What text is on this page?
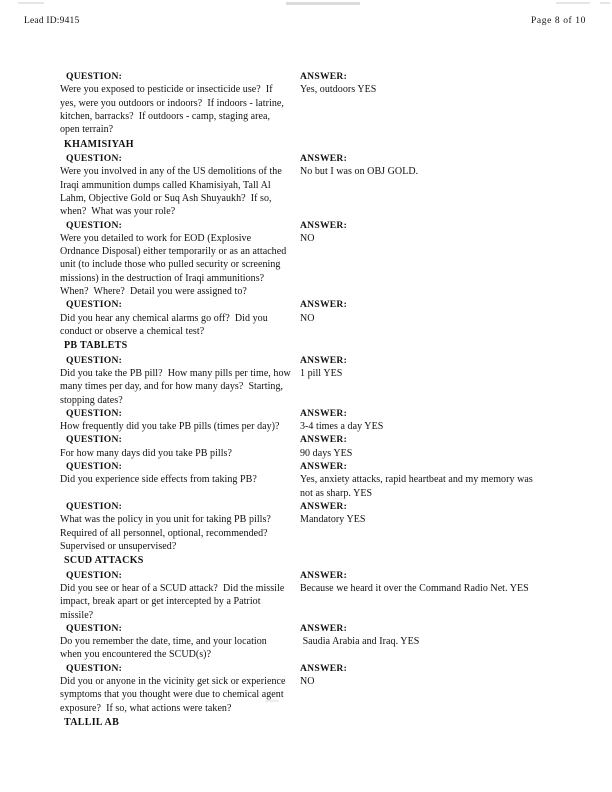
Lead ID:9415	Page 8 of 10
QUESTION:
Were you exposed to pesticide or insecticide use?  If
yes, were you outdoors or indoors?  If indoors - latrine,
kitchen, barracks?  If outdoors - camp, staging area,
open terrain?
ANSWER:
Yes, outdoors YES
KHAMISIYAH
QUESTION:
Were you involved in any of the US demolitions of the
Iraqi ammunition dumps called Khamisiyah, Tall Al
Lahm, Objective Gold or Suq Ash Shuyaukh?  If so,
when?  What was your role?
ANSWER:
No but I was on OBJ GOLD.
QUESTION:
Were you detailed to work for EOD (Explosive
Ordnance Disposal) either temporarily or as an attached
unit (to include those who pulled security or screening
missions) in the destruction of Iraqi ammunitions?
When?  Where?  Detail you were assigned to?
ANSWER:
NO
QUESTION:
Did you hear any chemical alarms go off?  Did you
conduct or observe a chemical test?
ANSWER:
NO
PB TABLETS
QUESTION:
Did you take the PB pill?  How many pills per time, how
many times per day, and for how many days?  Starting,
stopping dates?
ANSWER:
1 pill YES
QUESTION:
How frequently did you take PB pills (times per day)?
ANSWER:
3-4 times a day YES
QUESTION:
For how many days did you take PB pills?
ANSWER:
90 days YES
QUESTION:
Did you experience side effects from taking PB?
ANSWER:
Yes, anxiety attacks, rapid heartbeat and my memory was
not as sharp. YES
QUESTION:
What was the policy in you unit for taking PB pills?
Required of all personnel, optional, recommended?
Supervised or unsupervised?
ANSWER:
Mandatory YES
SCUD ATTACKS
QUESTION:
Did you see or hear of a SCUD attack?  Did the missile
impact, break apart or get intercepted by a Patriot
missile?
ANSWER:
Because we heard it over the Command Radio Net. YES
QUESTION:
Do you remember the date, time, and your location
when you encountered the SCUD(s)?
ANSWER:
Saudia Arabia and Iraq. YES
QUESTION:
Did you or anyone in the vicinity get sick or experience
symptoms that you thought were due to chemical agent
exposure?  If so, what actions were taken?
ANSWER:
NO
TALLIL AB
